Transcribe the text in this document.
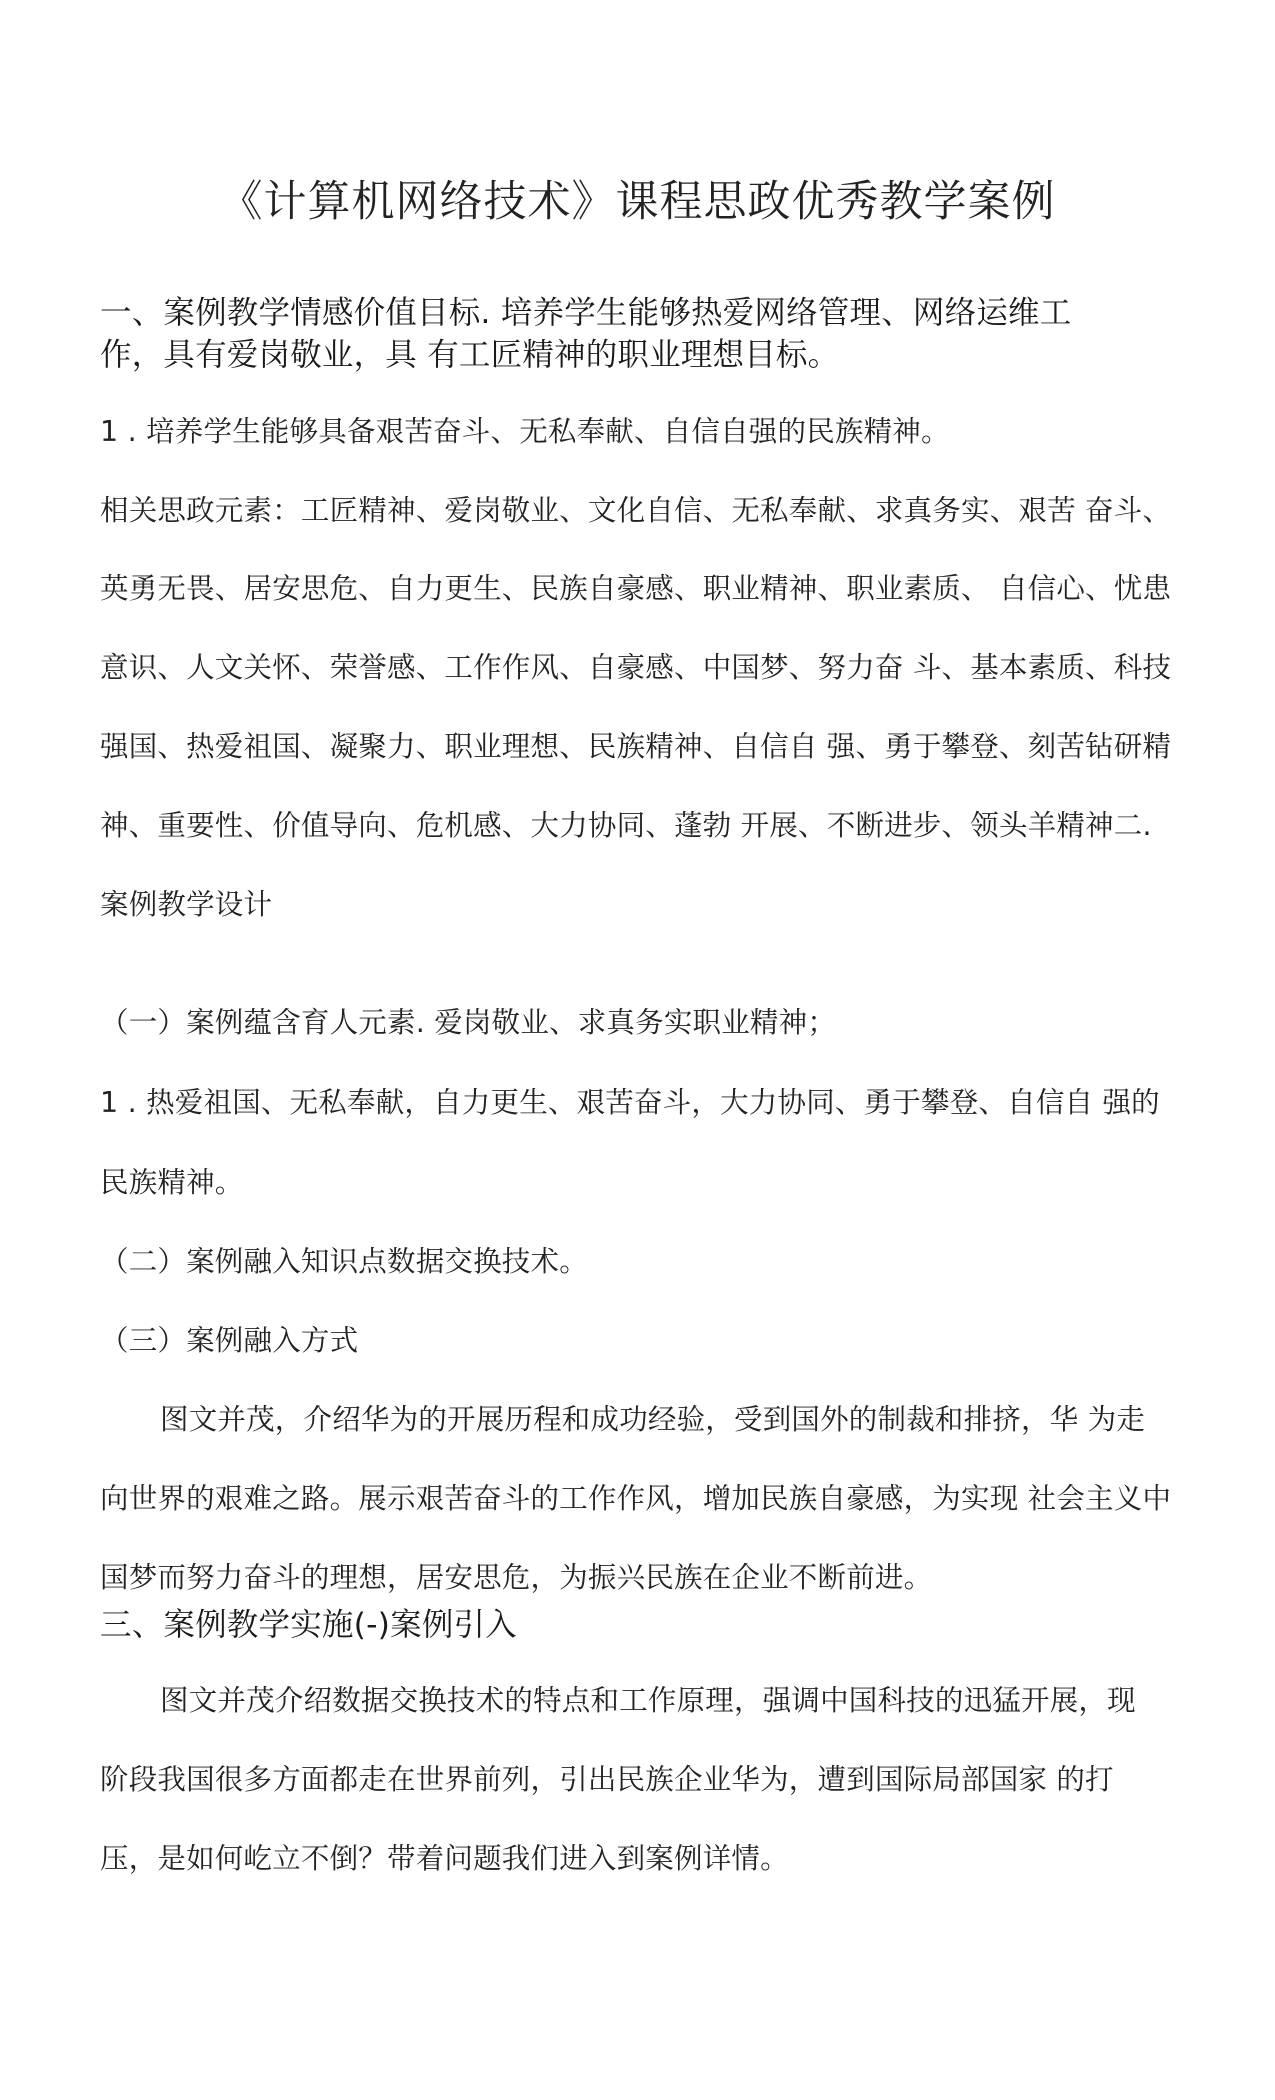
《计算机网络技术》课程思政优秀教学案例
一、案例教学情感价值目标. 培养学生能够热爱网络管理、网络运维工
作，具有爱岗敬业，具 有工匠精神的职业理想目标。
1 . 培养学生能够具备艰苦奋斗、无私奉献、自信自强的民族精神。
相关思政元素：工匠精神、爱岗敬业、文化自信、无私奉献、求真务实、艰苦 奋斗、
英勇无畏、居安思危、自力更生、民族自豪感、职业精神、职业素质、 自信心、忧患
意识、人文关怀、荣誉感、工作作风、自豪感、中国梦、努力奋 斗、基本素质、科技
强国、热爱祖国、凝聚力、职业理想、民族精神、自信自 强、勇于攀登、刻苦钻研精
神、重要性、价值导向、危机感、大力协同、蓬勃 开展、不断进步、领头羊精神二.
案例教学设计
（一）案例蕴含育人元素. 爱岗敬业、求真务实职业精神；
1 . 热爱祖国、无私奉献，自力更生、艰苦奋斗，大力协同、勇于攀登、自信自 强的
民族精神。
（二）案例融入知识点数据交换技术。
（三）案例融入方式
图文并茂，介绍华为的开展历程和成功经验，受到国外的制裁和排挤，华 为走
向世界的艰难之路。展示艰苦奋斗的工作作风，增加民族自豪感，为实现 社会主义中
国梦而努力奋斗的理想，居安思危，为振兴民族在企业不断前进。
三、案例教学实施(-)案例引入
图文并茂介绍数据交换技术的特点和工作原理，强调中国科技的迅猛开展，现
阶段我国很多方面都走在世界前列，引出民族企业华为，遭到国际局部国家 的打
压，是如何屹立不倒？带着问题我们进入到案例详情。
